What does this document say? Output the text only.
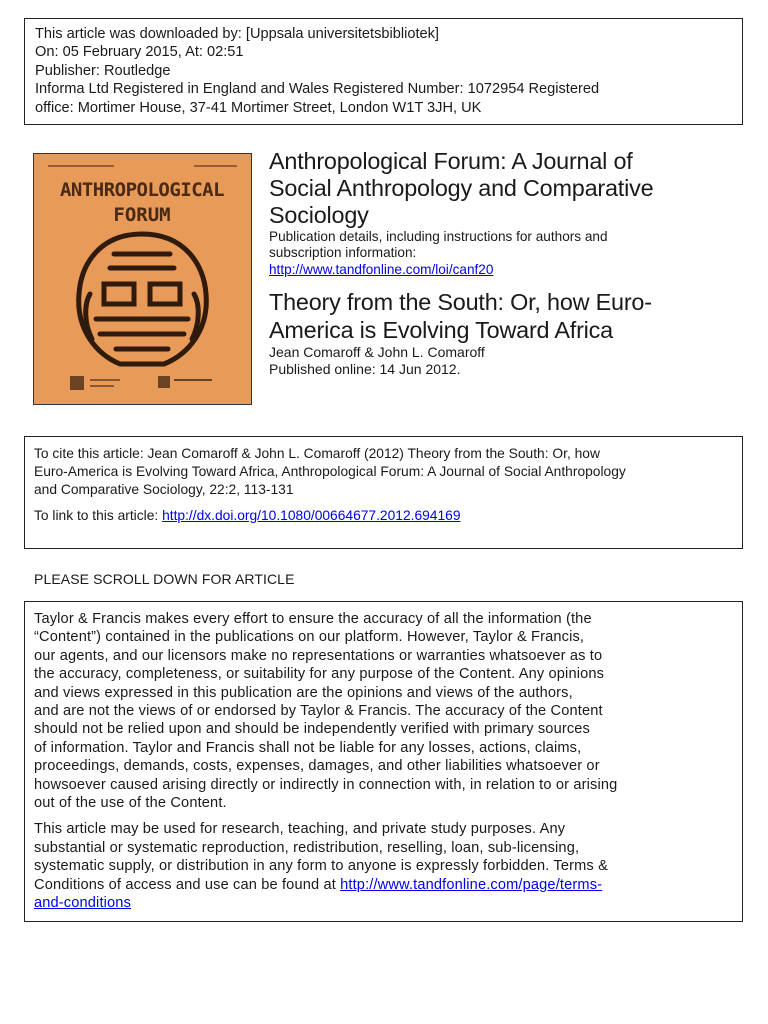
This article was downloaded by: [Uppsala universitetsbibliotek]
On: 05 February 2015, At: 02:51
Publisher: Routledge
Informa Ltd Registered in England and Wales Registered Number: 1072954 Registered
office: Mortimer House, 37-41 Mortimer Street, London W1T 3JH, UK
ANTHROPOLOGICAL
FORUM
Anthropological Forum: A Journal of
Social Anthropology and Comparative
Sociology
Publication details, including instructions for authors and
subscription information:
http://www.tandfonline.com/loi/canf20
Theory from the South: Or, how Euro-
America is Evolving Toward Africa
Jean Comaroff & John L. Comaroff
Published online: 14 Jun 2012.
To cite this article: Jean Comaroff & John L. Comaroff (2012) Theory from the South: Or, how
Euro-America is Evolving Toward Africa, Anthropological Forum: A Journal of Social Anthropology
and Comparative Sociology, 22:2, 113-131
To link to this article: http://dx.doi.org/10.1080/00664677.2012.694169
PLEASE SCROLL DOWN FOR ARTICLE

Taylor & Francis makes every effort to ensure the accuracy of all the information (the
“Content”) contained in the publications on our platform. However, Taylor & Francis,
our agents, and our licensors make no representations or warranties whatsoever as to
the accuracy, completeness, or suitability for any purpose of the Content. Any opinions
and views expressed in this publication are the opinions and views of the authors,
and are not the views of or endorsed by Taylor & Francis. The accuracy of the Content
should not be relied upon and should be independently verified with primary sources
of information. Taylor and Francis shall not be liable for any losses, actions, claims,
proceedings, demands, costs, expenses, damages, and other liabilities whatsoever or
howsoever caused arising directly or indirectly in connection with, in relation to or arising
out of the use of the Content.

This article may be used for research, teaching, and private study purposes. Any
substantial or systematic reproduction, redistribution, reselling, loan, sub-licensing,
systematic supply, or distribution in any form to anyone is expressly forbidden. Terms &
Conditions of access and use can be found at http://www.tandfonline.com/page/terms-
and-conditions
